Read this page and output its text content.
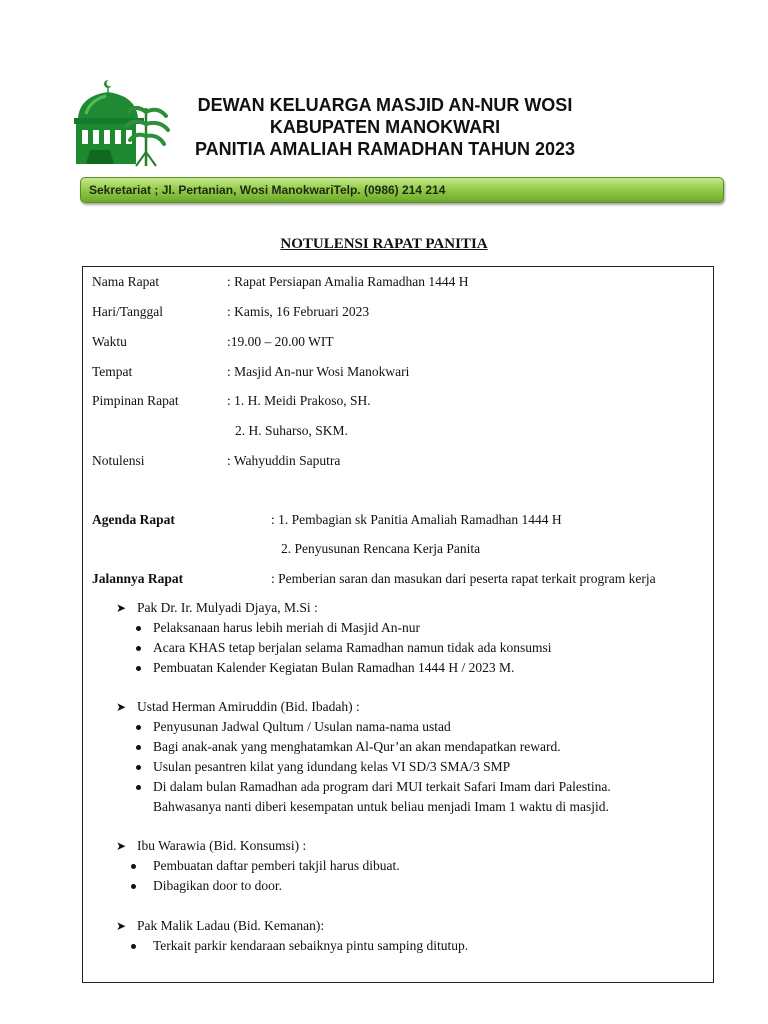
DEWAN KELUARGA MASJID AN-NUR WOSI
KABUPATEN MANOKWARI
PANITIA AMALIAH RAMADHAN TAHUN 2023
Sekretariat ; Jl. Pertanian, Wosi ManokwariTelp. (0986) 214 214
NOTULENSI RAPAT PANITIA
Nama Rapat	: Rapat Persiapan Amalia Ramadhan 1444 H
Hari/Tanggal	: Kamis, 16 Februari 2023
Waktu	:19.00 – 20.00 WIT
Tempat	: Masjid An-nur Wosi Manokwari
Pimpinan Rapat	: 1. H. Meidi Prakoso, SH.
2. H. Suharso, SKM.
Notulensi	: Wahyuddin Saputra
Agenda Rapat	: 1. Pembagian sk Panitia Amaliah Ramadhan 1444 H
2. Penyusunan Rencana Kerja Panita
Jalannya Rapat	: Pemberian saran dan masukan dari peserta rapat terkait program kerja
➤ Pak Dr. Ir. Mulyadi Djaya, M.Si :
Pelaksanaan harus lebih meriah di Masjid An-nur
Acara KHAS tetap berjalan selama Ramadhan namun tidak ada konsumsi
Pembuatan Kalender Kegiatan Bulan Ramadhan 1444 H / 2023 M.
➤ Ustad Herman Amiruddin (Bid. Ibadah) :
Penyusunan Jadwal Qultum / Usulan nama-nama ustad
Bagi anak-anak yang menghatamkan Al-Qur’an akan mendapatkan reward.
Usulan pesantren kilat yang idundang kelas VI SD/3 SMA/3 SMP
Di dalam bulan Ramadhan ada program dari MUI terkait Safari Imam dari Palestina.
Bahwasanya nanti diberi kesempatan untuk beliau menjadi Imam 1 waktu di masjid.
➤ Ibu Warawia (Bid. Konsumsi) :
Pembuatan daftar pemberi takjil harus dibuat.
Dibagikan door to door.
➤ Pak Malik Ladau (Bid. Kemanan):
Terkait parkir kendaraan sebaiknya pintu samping ditutup.
